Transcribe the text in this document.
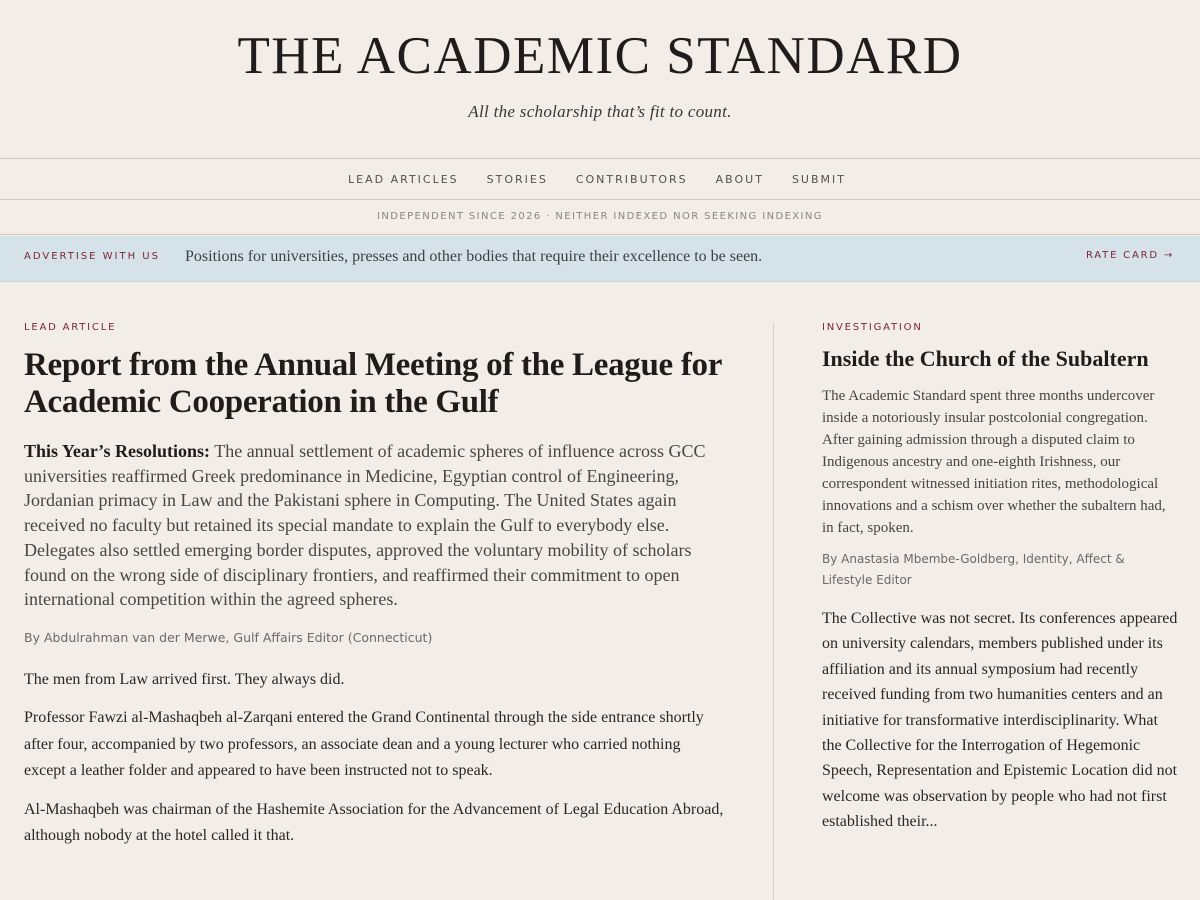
THE ACADEMIC STANDARD
All the scholarship that’s fit to count.
LEAD ARTICLES	STORIES	CONTRIBUTORS	ABOUT	SUBMIT
INDEPENDENT SINCE 2026 · NEITHER INDEXED NOR SEEKING INDEXING
ADVERTISE WITH US Positions for universities, presses and other bodies that require their excellence to be seen.	RATE CARD →
LEAD ARTICLE
Report from the Annual Meeting of the League for Academic Cooperation in the Gulf
This Year’s Resolutions: The annual settlement of academic spheres of influence across GCC universities reaffirmed Greek predominance in Medicine, Egyptian control of Engineering, Jordanian primacy in Law and the Pakistani sphere in Computing. The United States again received no faculty but retained its special mandate to explain the Gulf to everybody else. Delegates also settled emerging border disputes, approved the voluntary mobility of scholars found on the wrong side of disciplinary frontiers, and reaffirmed their commitment to open international competition within the agreed spheres.
By Abdulrahman van der Merwe, Gulf Affairs Editor (Connecticut)

The men from Law arrived first. They always did.

Professor Fawzi al-Mashaqbeh al-Zarqani entered the Grand Continental through the side entrance shortly after four, accompanied by two professors, an associate dean and a young lecturer who carried nothing except a leather folder and appeared to have been instructed not to speak.

Al-Mashaqbeh was chairman of the Hashemite Association for the Advancement of Legal Education Abroad, although nobody at the hotel called it that.

INVESTIGATION
Inside the Church of the Subaltern
The Academic Standard spent three months undercover inside a notoriously insular postcolonial congregation. After gaining admission through a disputed claim to Indigenous ancestry and one-eighth Irishness, our correspondent witnessed initiation rites, methodological innovations and a schism over whether the subaltern had, in fact, spoken.
By Anastasia Mbembe-Goldberg, Identity, Affect & Lifestyle Editor
The Collective was not secret. Its conferences appeared on university calendars, members published under its affiliation and its annual symposium had recently received funding from two humanities centers and an initiative for transformative interdisciplinarity. What the Collective for the Interrogation of Hegemonic Speech, Representation and Epistemic Location did not welcome was observation by people who had not first established their...
